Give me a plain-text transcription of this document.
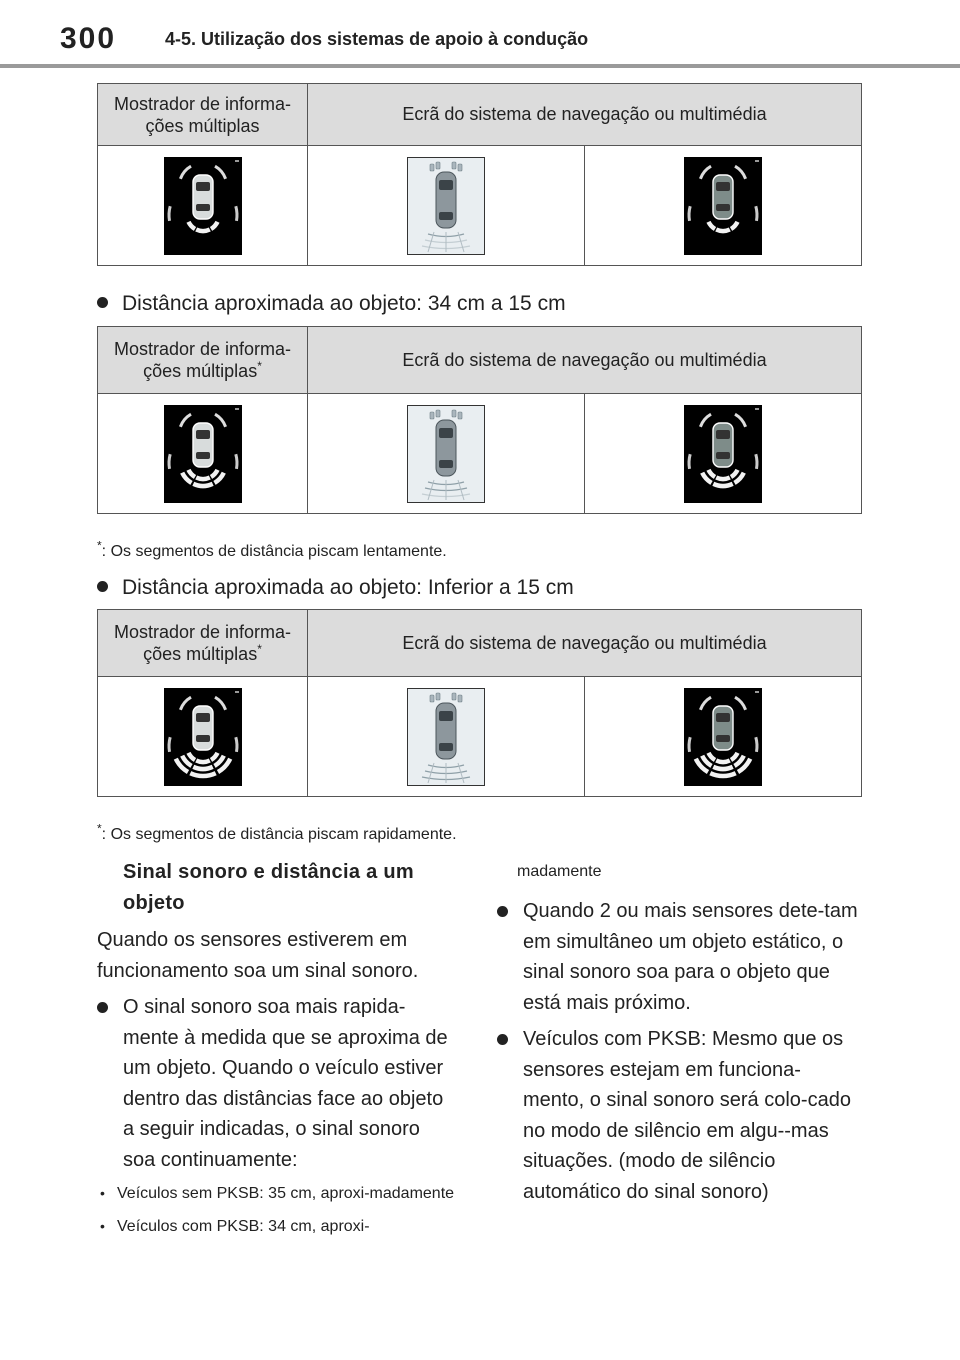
300	4-5. Utilização dos sistemas de apoio à condução
Mostrador de informa-ções múltiplas	Ecrã do sistema de navegação ou multimédia	

Distância aproximada ao objeto: 34 cm a 15 cm
Mostrador de informa-ções múltiplas*	Ecrã do sistema de navegação ou multimédia	

*: Os segmentos de distância piscam lentamente.
Distância aproximada ao objeto: Inferior a 15 cm
Mostrador de informa-ções múltiplas*	Ecrã do sistema de navegação ou multimédia	

*: Os segmentos de distância piscam rapidamente.
Sinal sonoro e distância a um objeto

Quando os sensores estiverem em funcionamento soa um sinal sonoro.

O sinal sonoro soa mais rapida-mente à medida que se aproxima de um objeto. Quando o veículo estiver dentro das distâncias face ao objeto a seguir indicadas, o sinal sonoro soa continuamente:
• Veículos sem PKSB: 35 cm, aproxi-madamente
• Veículos com PKSB: 34 cm, aproxi-
madamente
Quando 2 ou mais sensores dete-tam em simultâneo um objeto estático, o sinal sonoro soa para o objeto que está mais próximo.
Veículos com PKSB: Mesmo que os sensores estejam em funciona-mento, o sinal sonoro será colo-cado no modo de silêncio em algu--mas situações. (modo de silêncio automático do sinal sonoro)
